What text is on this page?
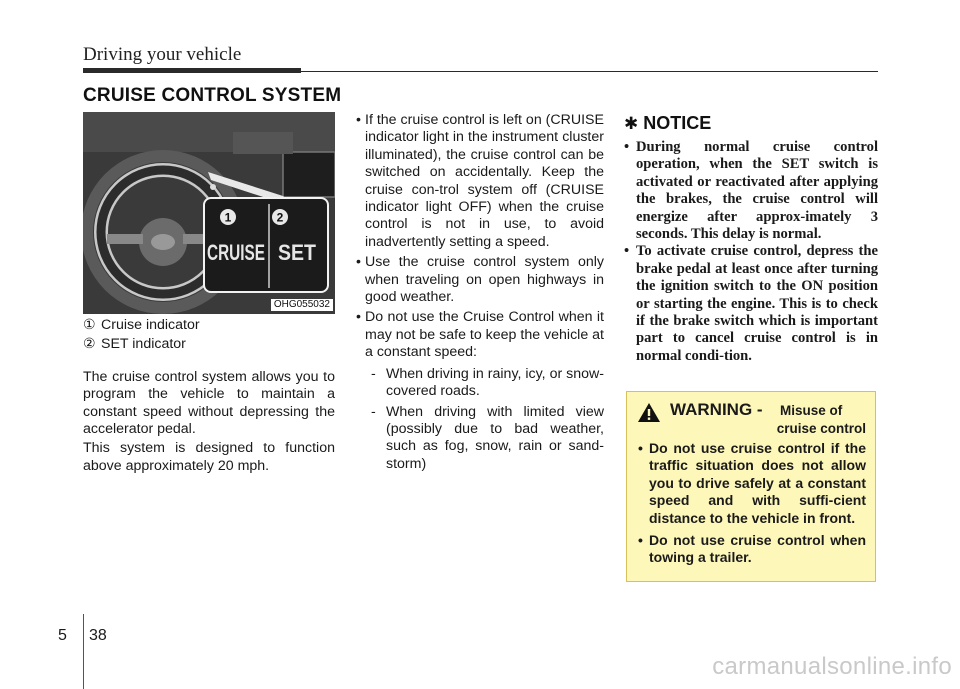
Driving your vehicle
CRUISE CONTROL SYSTEM
1	2
CRUISE SET
OHG055032
① Cruise indicator
② SET indicator

The cruise control system allows you to program the vehicle to maintain a constant speed without depressing the accelerator pedal.

This system is designed to function above approximately 20 mph.

• If the cruise control is left on (CRUISE indicator light in the instrument cluster illuminated), the cruise control can be switched on accidentally. Keep the cruise con-trol system off (CRUISE indicator light OFF) when the cruise control is not in use, to avoid inadvertently setting a speed.
• Use the cruise control system only when traveling on open highways in good weather.
• Do not use the Cruise Control when it may not be safe to keep the vehicle at a constant speed:
- When driving in rainy, icy, or snow-covered roads.
- When driving with limited view (possibly due to bad weather, such as fog, snow, rain or sand-storm)
✱ NOTICE
• During normal cruise control operation, when the SET switch is activated or reactivated after applying the brakes, the cruise control will energize after approx-imately 3 seconds. This delay is normal.
• To activate cruise control, depress the brake pedal at least once after turning the ignition switch to the ON position or starting the engine. This is to check if the brake switch which is important part to cancel cruise control is in normal condi-tion.
WARNING - Misuse of
cruise control
• Do not use cruise control if the traffic situation does not allow you to drive safely at a constant speed and with suffi-cient distance to the vehicle in front.
• Do not use cruise control when towing a trailer.
5 38
carmanualsonline.info
